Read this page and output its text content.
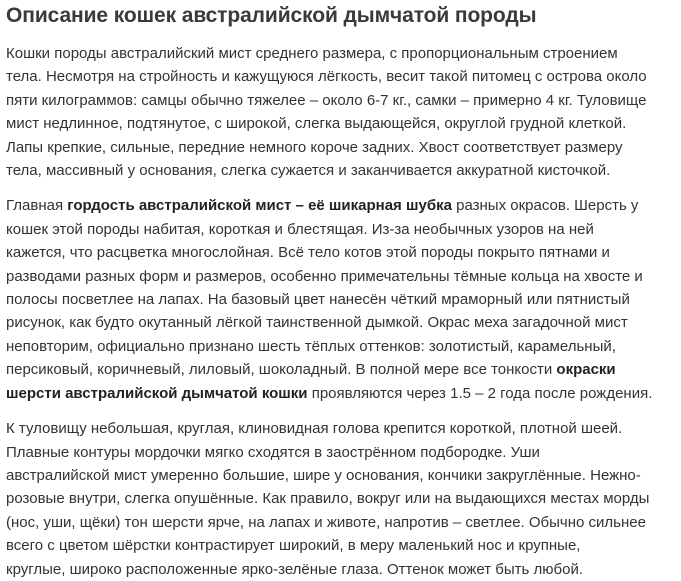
Описание кошек австралийской дымчатой породы

Кошки породы австралийский мист среднего размера, с пропорциональным строением
тела. Несмотря на стройность и кажущуюся лёгкость, весит такой питомец с острова около
пяти килограммов: самцы обычно тяжелее – около 6-7 кг., самки – примерно 4 кг. Туловище
мист недлинное, подтянутое, с широкой, слегка выдающейся, округлой грудной клеткой.
Лапы крепкие, сильные, передние немного короче задних. Хвост соответствует размеру
тела, массивный у основания, слегка сужается и заканчивается аккуратной кисточкой.

Главная гордость австралийской мист – её шикарная шубка разных окрасов. Шерсть у
кошек этой породы набитая, короткая и блестящая. Из-за необычных узоров на ней
кажется, что расцветка многослойная. Всё тело котов этой породы покрыто пятнами и
разводами разных форм и размеров, особенно примечательны тёмные кольца на хвосте и
полосы посветлее на лапах. На базовый цвет нанесён чёткий мраморный или пятнистый
рисунок, как будто окутанный лёгкой таинственной дымкой. Окрас меха загадочной мист
неповторим, официально признано шесть тёплых оттенков: золотистый, карамельный,
персиковый, коричневый, лиловый, шоколадный. В полной мере все тонкости окраски
шерсти австралийской дымчатой кошки проявляются через 1.5 – 2 года после рождения.

К туловищу небольшая, круглая, клиновидная голова крепится короткой, плотной шеей.
Плавные контуры мордочки мягко сходятся в заострённом подбородке. Уши
австралийской мист умеренно большие, шире у основания, кончики закруглённые. Нежно-
розовые внутри, слегка опушённые. Как правило, вокруг или на выдающихся местах морды
(нос, уши, щёки) тон шерсти ярче, на лапах и животе, напротив – светлее. Обычно сильнее
всего с цветом шёрстки контрастирует широкий, в меру маленький нос и крупные,
круглые, широко расположенные ярко-зелёные глаза. Оттенок может быть любой.
